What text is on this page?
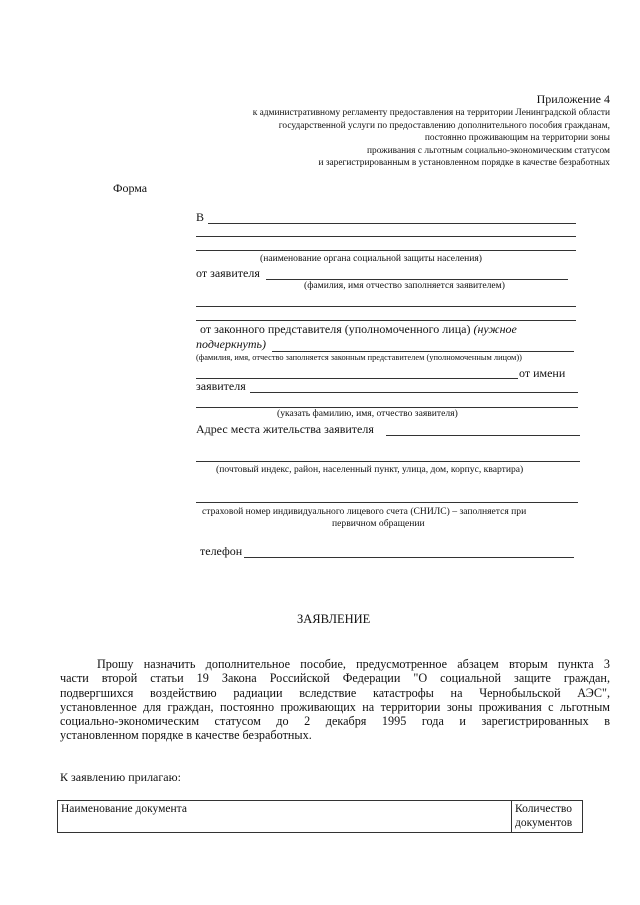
Приложение 4
к административному регламенту предоставления на территории Ленинградской области
государственной услуги по предоставлению дополнительного пособия гражданам,
постоянно проживающим на территории зоны
проживания с льготным социально-экономическим статусом
и зарегистрированным в установленном порядке в качестве безработных
Форма
В
(наименование органа социальной защиты населения)
от заявителя
(фамилия, имя отчество заполняется заявителем)
от законного представителя (уполномоченного лица) (нужное
подчеркнуть)
(фамилия, имя, отчество заполняется законным представителем (уполномоченным лицом))
от имени
заявителя
(указать фамилию, имя, отчество заявителя)
Адрес места жительства заявителя
(почтовый индекс, район, населенный пункт, улица, дом, корпус, квартира)
страховой номер индивидуального лицевого счета (СНИЛС) – заполняется при
первичном обращении
телефон
ЗАЯВЛЕНИЕ
Прошу назначить дополнительное пособие, предусмотренное абзацем вторым пункта 3
части второй статьи 19 Закона Российской Федерации "О социальной защите граждан,
подвергшихся воздействию радиации вследствие катастрофы на Чернобыльской АЭС",
установленное для граждан, постоянно проживающих на территории зоны проживания с льготным
социально-экономическим статусом до 2 декабря 1995 года и зарегистрированных в
установленном порядке в качестве безработных.
К заявлению прилагаю:
Наименование документа	Количество документов
